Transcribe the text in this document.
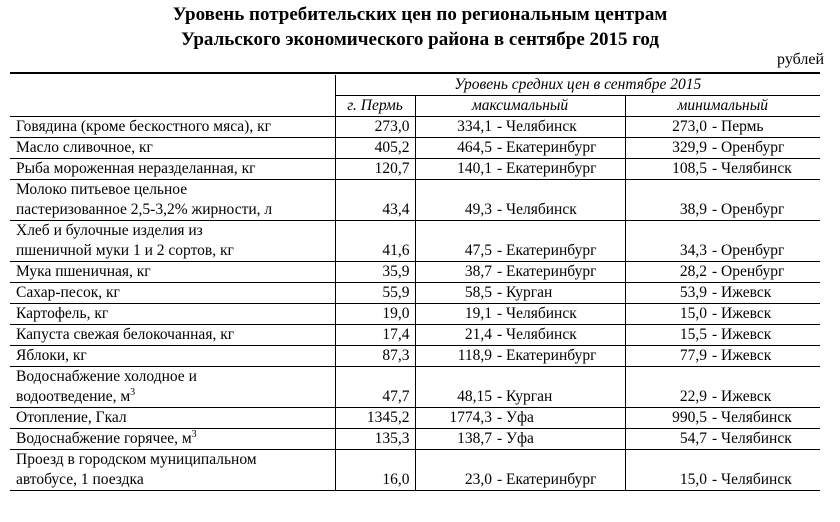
Уровень потребительских цен по региональным центрам
Уральского экономического района в сентябре 2015 год
рублей
	Уровень средних цен в сентябре 2015				
	г. Пермь	максимальный		минимальный	
Говядина (кроме бескостного мяса), кг	273,0	334,1	- Челябинск	273,0	- Пермь
Масло сливочное, кг	405,2	464,5	- Екатеринбург	329,9	- Оренбург
Рыба мороженная неразделанная, кг	120,7	140,1	- Екатеринбург	108,5	- Челябинск
Молоко питьевое цельное
пастеризованное 2,5-3,2% жирности, л	43,4	49,3	- Челябинск	38,9	- Оренбург
Хлеб и булочные изделия из
пшеничной муки 1 и 2 сортов, кг	41,6	47,5	- Екатеринбург	34,3	- Оренбург
Мука пшеничная, кг	35,9	38,7	- Екатеринбург	28,2	- Оренбург
Сахар-песок, кг	55,9	58,5	- Курган	53,9	- Ижевск
Картофель, кг	19,0	19,1	- Челябинск	15,0	- Ижевск
Капуста свежая белокочанная, кг	17,4	21,4	- Челябинск	15,5	- Ижевск
Яблоки, кг	87,3	118,9	- Екатеринбург	77,9	- Ижевск
Водоснабжение холодное и
водоотведение, $м^3$	47,7	48,15	- Курган	22,9	- Ижевск
Отопление, Гкал	1345,2	1774,3	- Уфа	990,5	- Челябинск
Водоснабжение горячее, $м^3$	135,3	138,7	- Уфа	54,7	- Челябинск
Проезд в городском муниципальном
автобусе, 1 поездка	16,0	23,0	- Екатеринбург	15,0	- Челябинск
